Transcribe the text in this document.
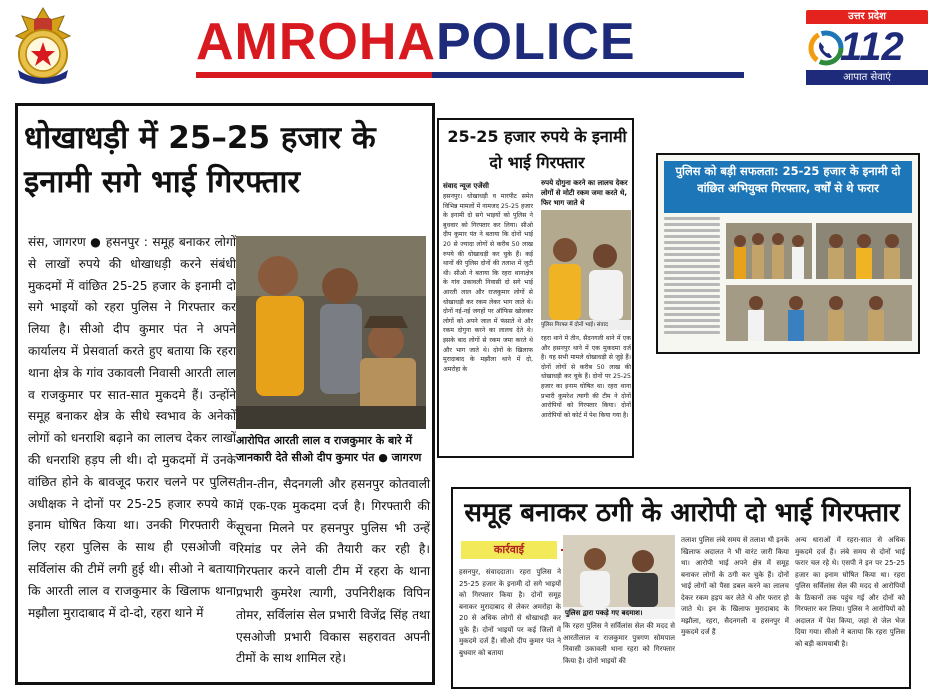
AMROHAPOLICE	उत्तर प्रदेश
112
आपात सेवाएं
धोखाधड़ी में 25–25 हजार के इनामी सगे भाई गिरफ्तार
संस, जागरण ● हसनपुर : समूह बनाकर लोगों से लाखों रुपये की धोखाधड़ी करने संबंधी मुकदमों में वांछित 25-25 हजार के इनामी दो सगे भाइयों को रहरा पुलिस ने गिरफ्तार कर लिया है। सीओ दीप कुमार पंत ने अपने कार्यालय में प्रेसवार्ता करते हुए बताया कि रहरा थाना क्षेत्र के गांव उकावली निवासी आरती लाल व राजकुमार पर सात-सात मुकदमे हैं। उन्होंने समूह बनाकर क्षेत्र के सीधे स्वभाव के अनेकों लोगों को धनराशि बढ़ाने का लालच देकर लाखों की धनराशि हड़प ली थी। दो मुकदमों में उनके वांछित होने के बावजूद फरार चलने पर पुलिस अधीक्षक ने दोनों पर 25-25 हजार रुपये का इनाम घोषित किया था। उनकी गिरफ्तारी के लिए रहरा पुलिस के साथ ही एसओजी व सर्विलांस की टीमें लगी हुई थी। सीओ ने बताया कि आरती लाल व राजकुमार के खिलाफ थाना मझौला मुरादाबाद में दो-दो, रहरा थाने में
आरोपित आरती लाल व राजकुमार के बारे में जानकारी देते सीओ दीप कुमार पंत ● जागरण
तीन-तीन, सैदनगली और हसनपुर कोतवाली में एक-एक मुकदमा दर्ज है। गिरफ्तारी की सूचना मिलने पर हसनपुर पुलिस भी उन्हें रिमांड पर लेने की तैयारी कर रही है। गिरफ्तार करने वाली टीम में रहरा के थाना प्रभारी कुमरेश त्यागी, उपनिरीक्षक विपिन तोमर, सर्विलांस सेल प्रभारी विजेंद्र सिंह तथा एसओजी प्रभारी विकास सहरावत अपनी टीमों के साथ शामिल रहे।
25-25 हजार रुपये के इनामी दो भाई गिरफ्तार
संवाद न्यूज एजेंसी	रुपये दोगुना करने का लालच देकर लोगों से मोटी रकम जमा करते थे, फिर भाग जाते थे
हसनपुर। धोखाधड़ी व मारपीट समेत विभिन्न मामलों में नामजद 25-25 हजार के इनामी दो सगे भाइयों को पुलिस ने बुधवार को गिरफ्तार कर लिया। सीओ दीप कुमार पंत ने बताया कि दोनों भाई 20 से ज्यादा लोगों से करीब 50 लाख रुपये की धोखाधड़ी कर चुके हैं। कई थानों की पुलिस दोनों की तलाश में जुटी थी। सीओ ने बताया कि रहरा थानाक्षेत्र के गांव उकावली निवासी दो सगे भाई आरती लाल और राजकुमार लोगों से धोखाधड़ी कर रकम लेकर भाग जाते थे। दोनों नई-नई जगहों पर ऑफिस खोलकर लोगों को अपने जाल में फंसाते थे और रकम दोगुना करने का लालच देते थे। इसके बाद लोगों से रकम जमा करते थे और भाग जाते थे। दोनों के खिलाफ मुरादाबाद के मझौला थाने में दो, अमरोहा के
पुलिस गिरफ्त में दोनों भाई। संवाद
रहरा थाने में तीन, सैदनगली थाने में एक और हसनपुर थाने में एक मुकदमा दर्ज है। यह सभी मामले धोखाधड़ी से जुड़े हैं। दोनों लोगों से करीब 50 लाख की धोखाधड़ी कर चुके हैं। दोनों पर 25-25 हजार का इनाम घोषित था। रहरा थाना प्रभारी कुमरेश त्यागी की टीम ने दोनों आरोपियों को गिरफ्तार किया। दोनों आरोपियों को कोर्ट में पेश किया गया है।
पुलिस को बड़ी सफलता: 25-25 हजार के इनामी दो वांछित अभियुक्त गिरफ्तार, वर्षों से थे फरार
समूह बनाकर ठगी के आरोपी दो भाई गिरफ्तार
कार्रवाई
हसनपुर, संवाददाता। रहरा पुलिस ने 25-25 हजार के इनामी दो सगे भाइयों को गिरफ्तार किया है। दोनों समूह बनाकर मुरादाबाद से लेकर अमरोहा के 20 से अधिक लोगों से धोखाधड़ी कर चुके हैं। दोनों भाइयों पर कई जिलों में मुकदमे दर्ज हैं। सीओ दीप कुमार पंत ने बुधवार को बताया
पुलिस द्वारा पकड़े गए बदमाश।
कि रहरा पुलिस ने सर्विलांस सेल की मदद से आरतीलाल व राजकुमार पुत्रगण सोमपाल निवासी उकावली थाना रहरा को गिरफ्तार किया है। दोनों भाइयों की
तलाश पुलिस लंबे समय से तलाश थी इनके खिलाफ अदालत ने भी वारंट जारी किया था। आरोपी भाई अपने क्षेत्र में समूह बनाकर लोगों के ठगी कर चुके हैं। दोनों भाई लोगों को पैसा डबल करने का लालच देकर रकम हड़प कर लेते थे और फरार हो जाते थे। इन के खिलाफ मुरादाबाद के मझौला, रहरा, सैदनगली व हसनपुर में मुकदमे दर्ज हैं
अन्य धाराओं में रहरा-सात से अधिक मुकदमे दर्ज हैं। लंबे समय से दोनों भाई फरार चल रहे थे। एसपी ने इन पर 25-25 हजार का इनाम घोषित किया था। रहरा पुलिस सर्विलांस सेल की मदद से आरोपियों के ठिकानों तक पहुंच गई और दोनों को गिरफ्तार कर लिया। पुलिस ने आरोपियों को अदालत में पेश किया, जहां से जेल भेज दिया गया। सीओ ने बताया कि रहरा पुलिस को बड़ी कामयाबी है।
